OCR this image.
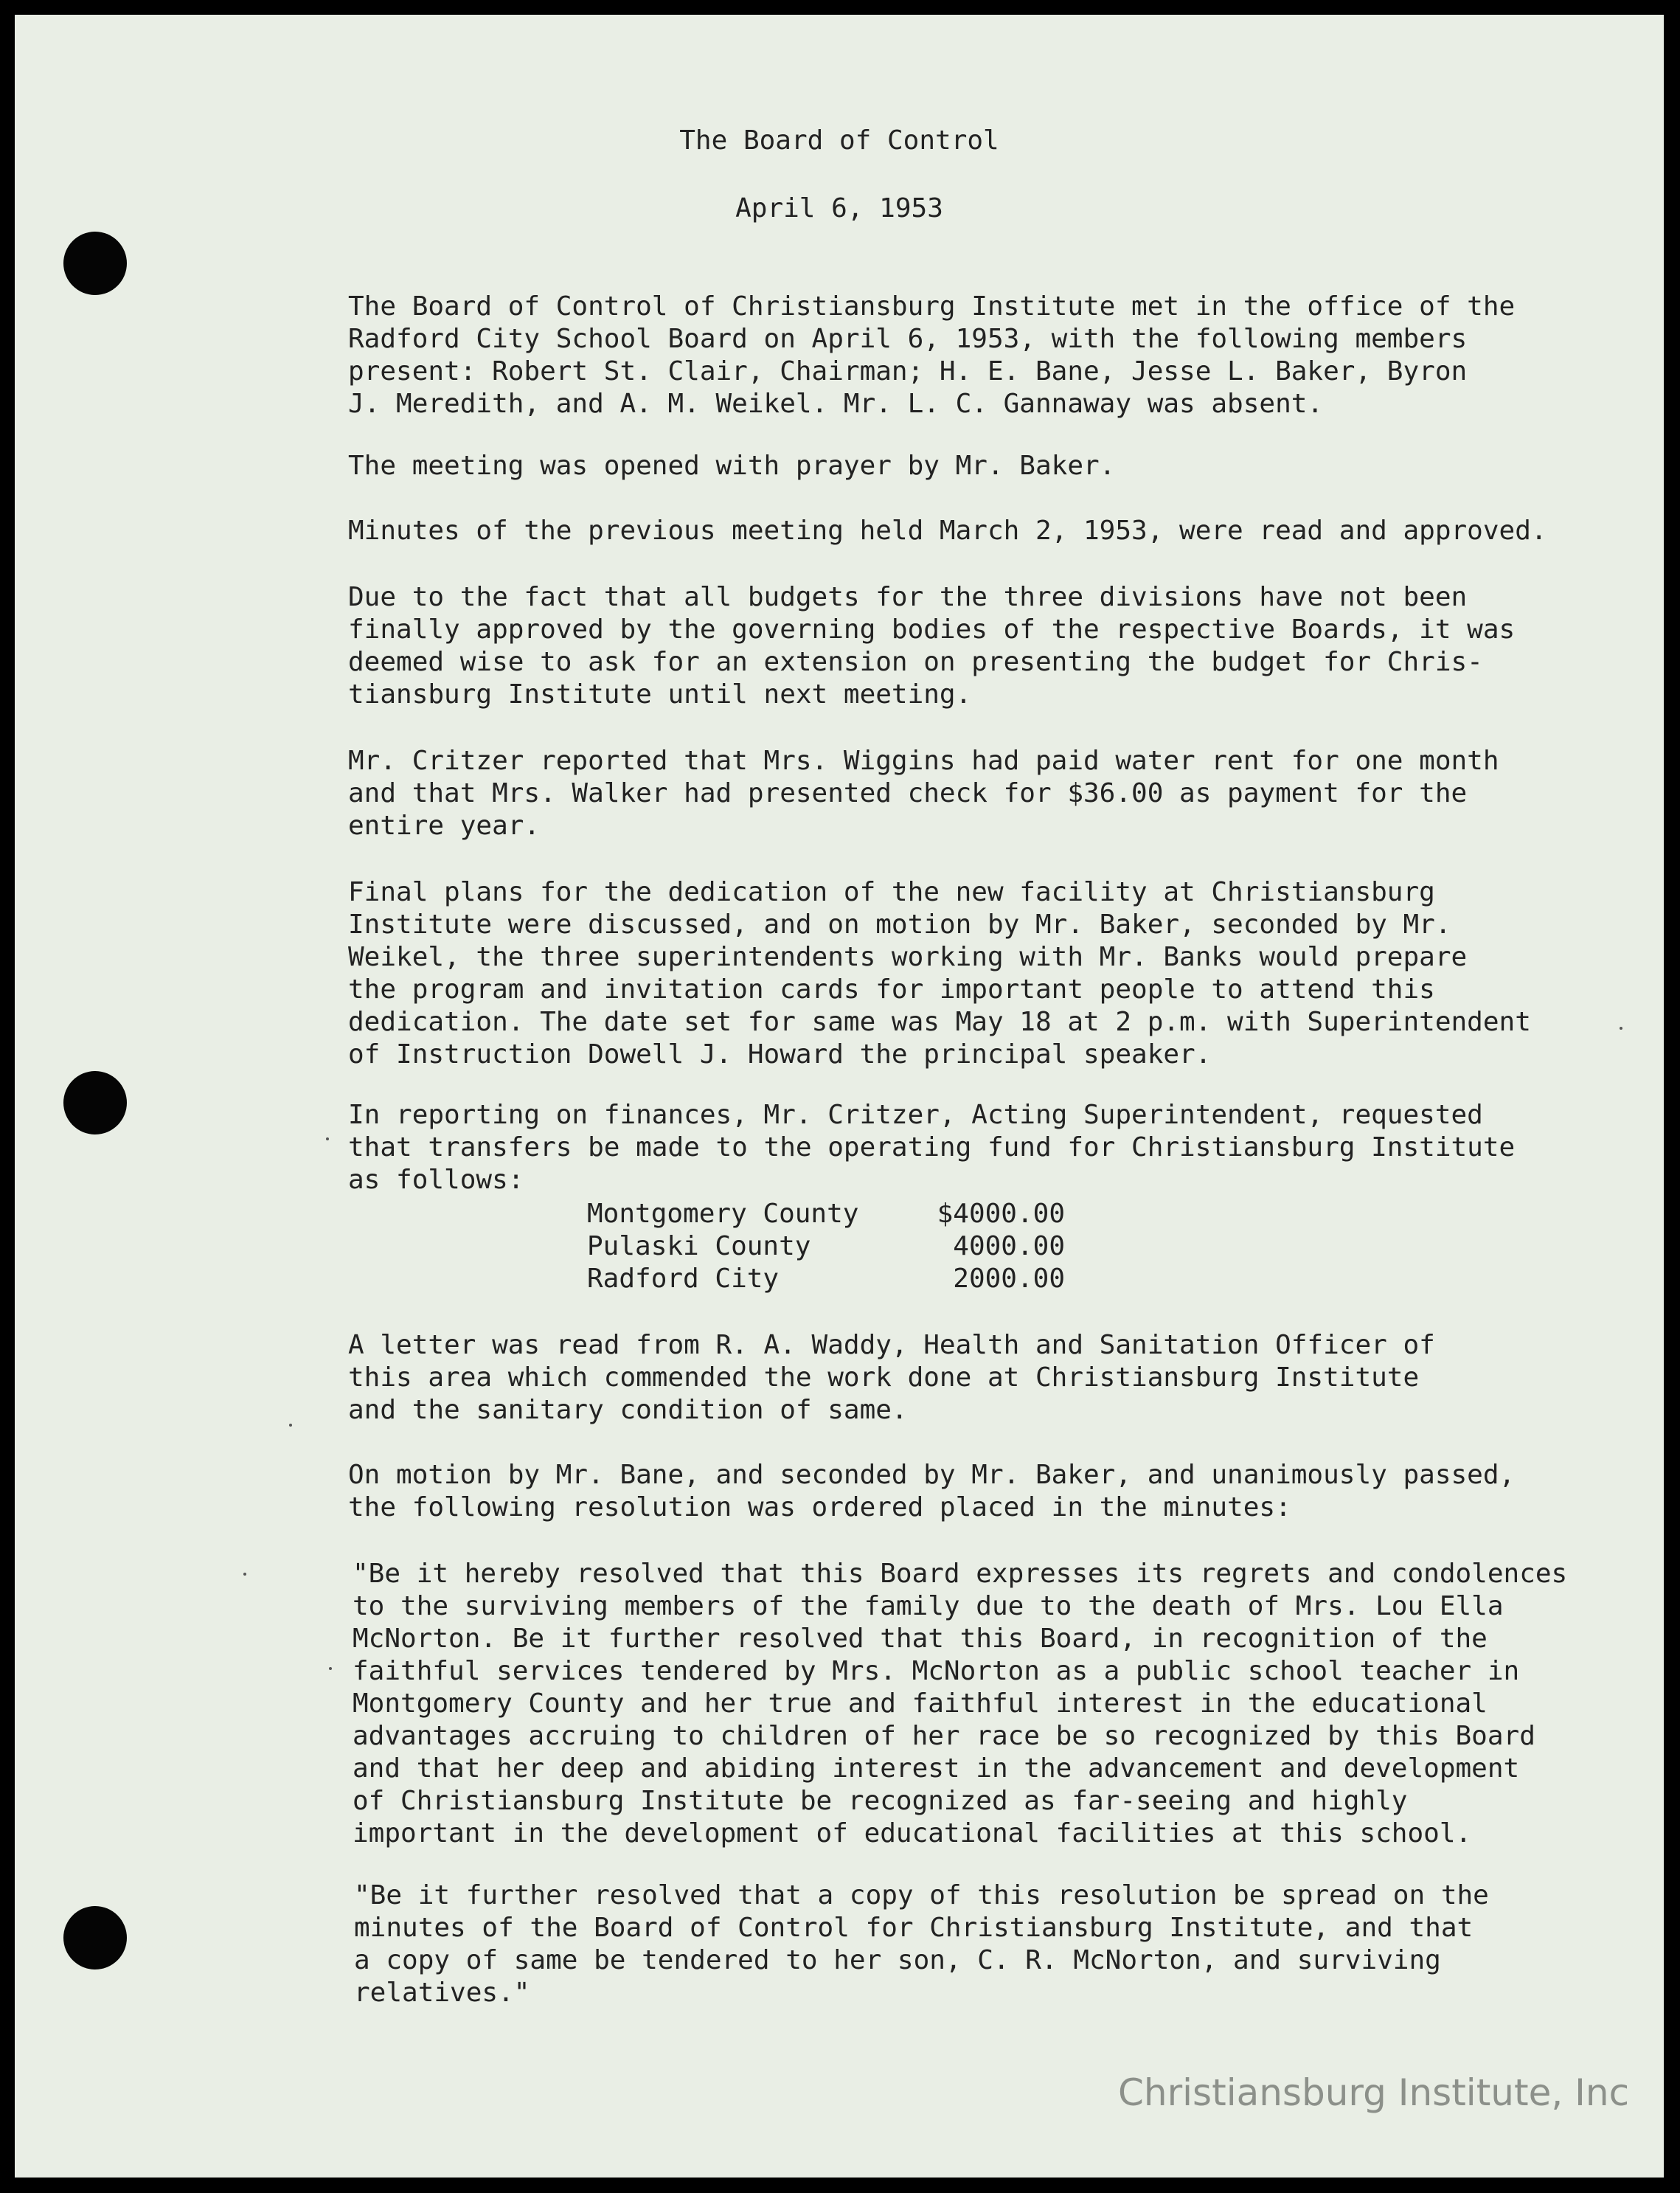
The Board of Control
April 6, 1953
The Board of Control of Christiansburg Institute met in the office of the
Radford City School Board on April 6, 1953, with the following members
present: Robert St. Clair, Chairman; H. E. Bane, Jesse L. Baker, Byron
J. Meredith, and A. M. Weikel. Mr. L. C. Gannaway was absent.
The meeting was opened with prayer by Mr. Baker.
Minutes of the previous meeting held March 2, 1953, were read and approved.
Due to the fact that all budgets for the three divisions have not been
finally approved by the governing bodies of the respective Boards, it was
deemed wise to ask for an extension on presenting the budget for Chris-
tiansburg Institute until next meeting.
Mr. Critzer reported that Mrs. Wiggins had paid water rent for one month
and that Mrs. Walker had presented check for $36.00 as payment for the
entire year.
Final plans for the dedication of the new facility at Christiansburg
Institute were discussed, and on motion by Mr. Baker, seconded by Mr.
Weikel, the three superintendents working with Mr. Banks would prepare
the program and invitation cards for important people to attend this
dedication. The date set for same was May 18 at 2 p.m. with Superintendent
of Instruction Dowell J. Howard the principal speaker.
In reporting on finances, Mr. Critzer, Acting Superintendent, requested
that transfers be made to the operating fund for Christiansburg Institute
as follows:
Montgomery County	$4000.00
Pulaski County	4000.00
Radford City	2000.00
A letter was read from R. A. Waddy, Health and Sanitation Officer of
this area which commended the work done at Christiansburg Institute
and the sanitary condition of same.
On motion by Mr. Bane, and seconded by Mr. Baker, and unanimously passed,
the following resolution was ordered placed in the minutes:
"Be it hereby resolved that this Board expresses its regrets and condolences
to the surviving members of the family due to the death of Mrs. Lou Ella
McNorton. Be it further resolved that this Board, in recognition of the
faithful services tendered by Mrs. McNorton as a public school teacher in
Montgomery County and her true and faithful interest in the educational
advantages accruing to children of her race be so recognized by this Board
and that her deep and abiding interest in the advancement and development
of Christiansburg Institute be recognized as far-seeing and highly
important in the development of educational facilities at this school.
"Be it further resolved that a copy of this resolution be spread on the
minutes of the Board of Control for Christiansburg Institute, and that
a copy of same be tendered to her son, C. R. McNorton, and surviving
relatives."
Christiansburg Institute, Inc
